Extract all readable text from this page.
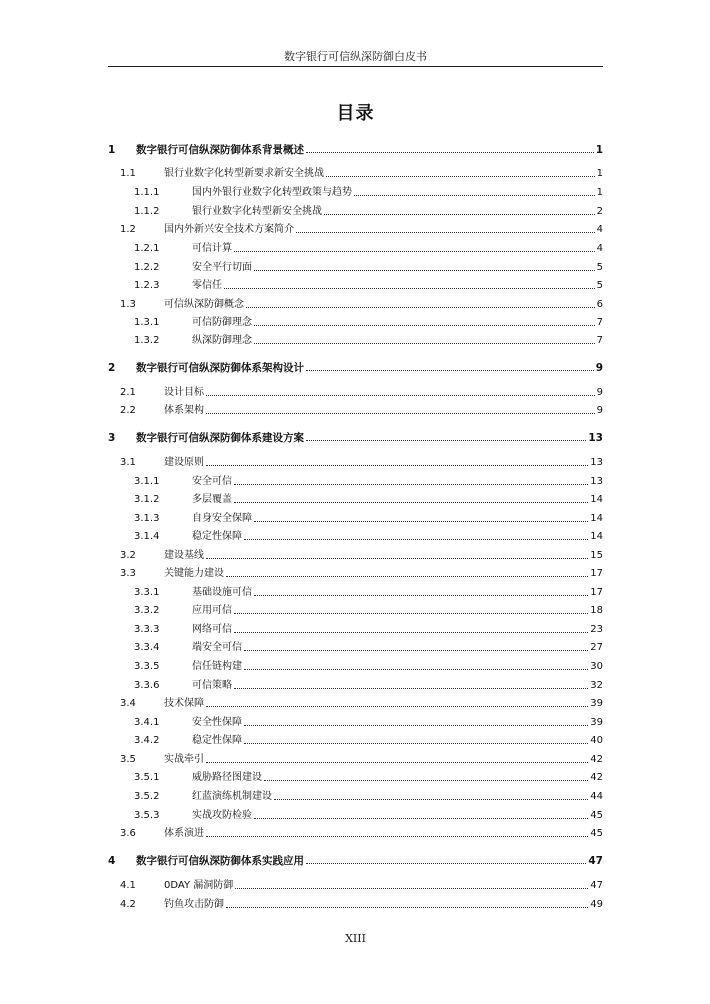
数字银行可信纵深防御白皮书
目录
1	数字银行可信纵深防御体系背景概述	1
1.1	银行业数字化转型新要求新安全挑战	1
1.1.1	国内外银行业数字化转型政策与趋势	1
1.1.2	银行业数字化转型新安全挑战	2
1.2	国内外新兴安全技术方案简介	4
1.2.1	可信计算	4
1.2.2	安全平行切面	5
1.2.3	零信任	5
1.3	可信纵深防御概念	6
1.3.1	可信防御理念	7
1.3.2	纵深防御理念	7
2	数字银行可信纵深防御体系架构设计	9
2.1	设计目标	9
2.2	体系架构	9
3	数字银行可信纵深防御体系建设方案	13
3.1	建设原则	13
3.1.1	安全可信	13
3.1.2	多层覆盖	14
3.1.3	自身安全保障	14
3.1.4	稳定性保障	14
3.2	建设基线	15
3.3	关键能力建设	17
3.3.1	基础设施可信	17
3.3.2	应用可信	18
3.3.3	网络可信	23
3.3.4	端安全可信	27
3.3.5	信任链构建	30
3.3.6	可信策略	32
3.4	技术保障	39
3.4.1	安全性保障	39
3.4.2	稳定性保障	40
3.5	实战牵引	42
3.5.1	威胁路径图建设	42
3.5.2	红蓝演练机制建设	44
3.5.3	实战攻防检验	45
3.6	体系演进	45
4	数字银行可信纵深防御体系实践应用	47
4.1	0DAY 漏洞防御	47
4.2	钓鱼攻击防御	49
XIII
